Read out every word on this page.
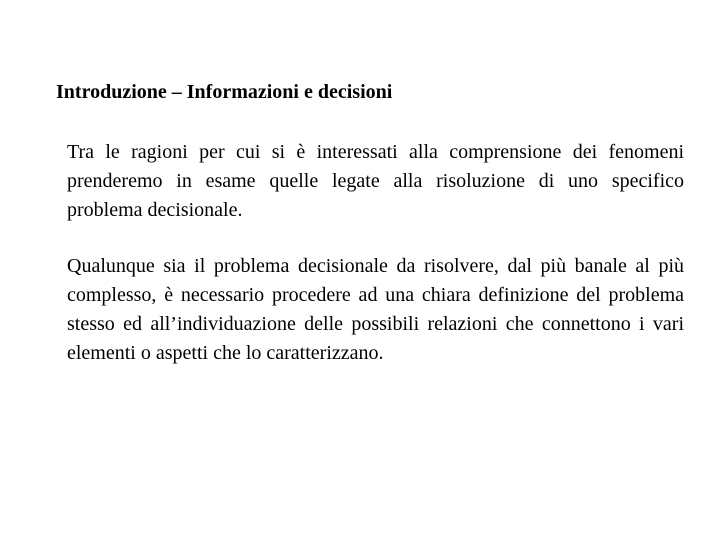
Introduzione – Informazioni e decisioni

Tra le ragioni per cui si è interessati alla comprensione dei fenomeni prenderemo in esame quelle legate alla risoluzione di uno specifico problema decisionale.

Qualunque sia il problema decisionale da risolvere, dal più banale al più complesso, è necessario procedere ad una chiara definizione del problema stesso ed all’individuazione delle possibili relazioni che connettono i vari elementi o aspetti che lo caratterizzano.
